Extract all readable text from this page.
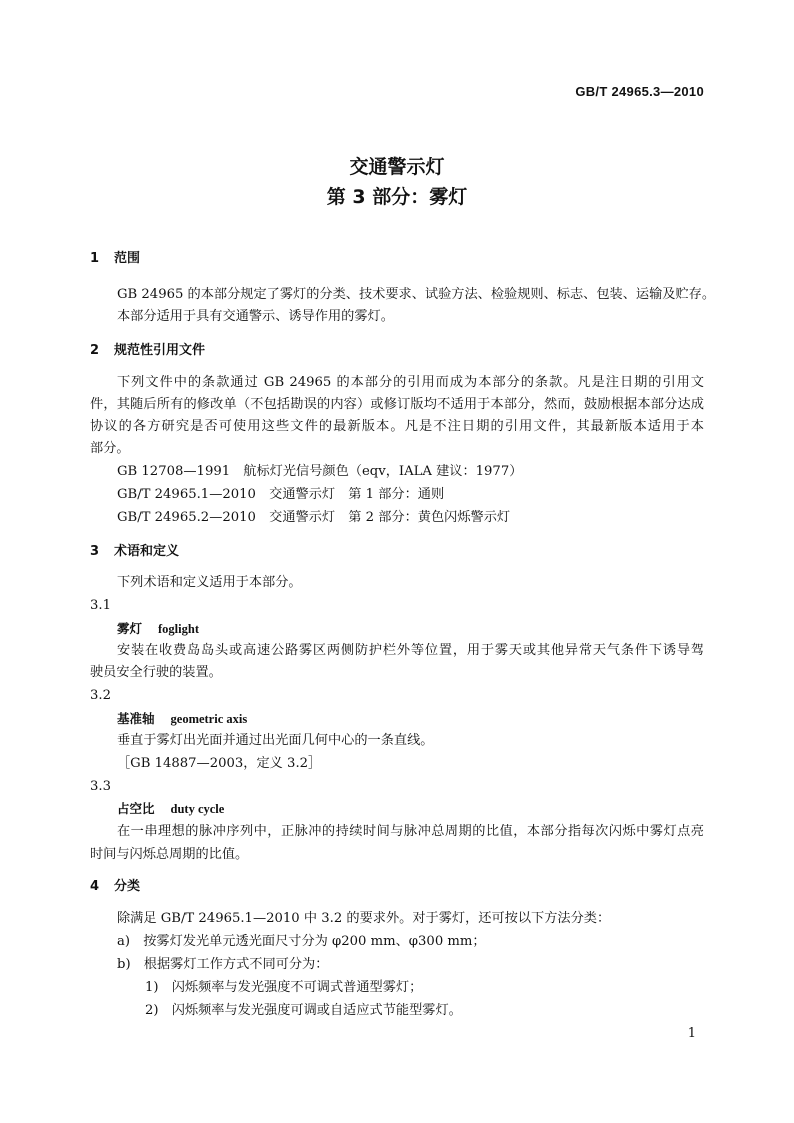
GB/T 24965.3—2010
交通警示灯
第 3 部分：雾灯
1 范围
GB 24965 的本部分规定了雾灯的分类、技术要求、试验方法、检验规则、标志、包装、运输及贮存。
本部分适用于具有交通警示、诱导作用的雾灯。
2 规范性引用文件
下列文件中的条款通过 GB 24965 的本部分的引用而成为本部分的条款。凡是注日期的引用文
件，其随后所有的修改单（不包括勘误的内容）或修订版均不适用于本部分，然而，鼓励根据本部分达成
协议的各方研究是否可使用这些文件的最新版本。凡是不注日期的引用文件，其最新版本适用于本
部分。
GB 12708—1991　航标灯光信号颜色（eqv，IALA 建议：1977）
GB/T 24965.1—2010　交通警示灯　第 1 部分：通则
GB/T 24965.2—2010　交通警示灯　第 2 部分：黄色闪烁警示灯
3 术语和定义
下列术语和定义适用于本部分。
3.1
雾灯 foglight
安装在收费岛岛头或高速公路雾区两侧防护栏外等位置，用于雾天或其他异常天气条件下诱导驾
驶员安全行驶的装置。
3.2
基准轴 geometric axis
垂直于雾灯出光面并通过出光面几何中心的一条直线。
［GB 14887—2003，定义 3.2］
3.3
占空比 duty cycle
在一串理想的脉冲序列中，正脉冲的持续时间与脉冲总周期的比值，本部分指每次闪烁中雾灯点亮
时间与闪烁总周期的比值。
4 分类
除满足 GB/T 24965.1—2010 中 3.2 的要求外。对于雾灯，还可按以下方法分类：
a)　按雾灯发光单元透光面尺寸分为 φ200 mm、φ300 mm；
b)　根据雾灯工作方式不同可分为：
1)　闪烁频率与发光强度不可调式普通型雾灯；
2)　闪烁频率与发光强度可调或自适应式节能型雾灯。
1
